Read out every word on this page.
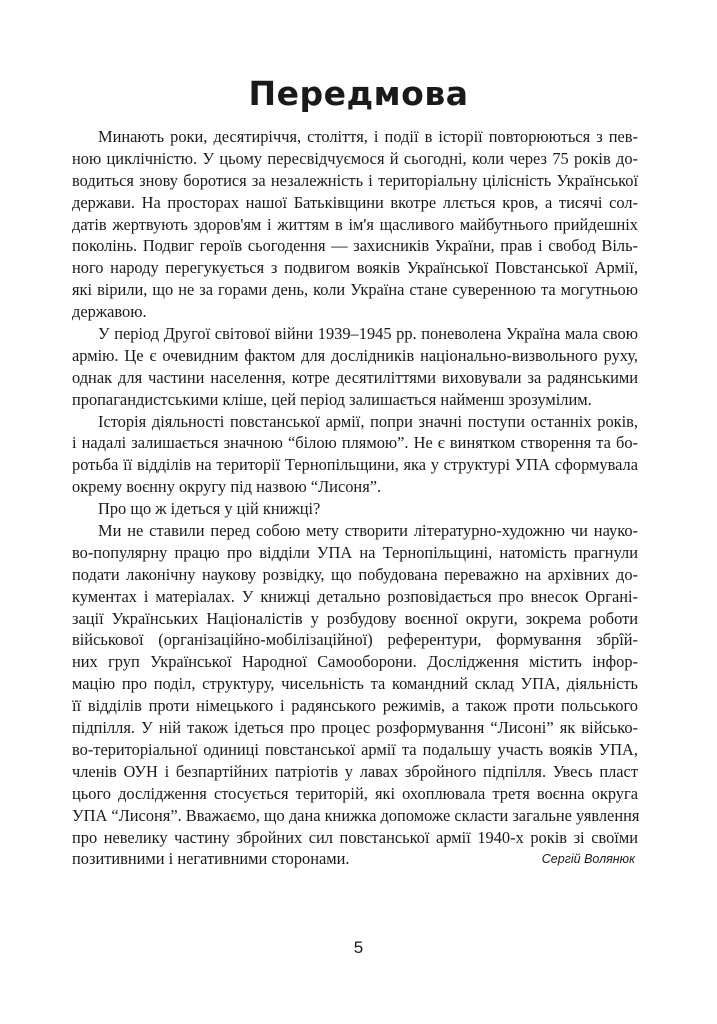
Передмова
Минають роки, десятиріччя, століття, і події в історії повторюються з пев-
ною циклічністю. У цьому пересвідчуємося й сьогодні, коли через 75 років до-
водиться знову боротися за незалежність і територіальну цілісність Української
держави. На просторах нашої Батьківщини вкотре ллється кров, а тисячі сол-
датів жертвують здоров'ям і життям в ім'я щасливого майбутнього прийдешніх
поколінь. Подвиг героїв сьогодення — захисників України, прав і свобод Віль-
ного народу перегукується з подвигом вояків Української Повстанської Армії,
які вірили, що не за горами день, коли Україна стане суверенною та могутньою
державою.
У період Другої світової війни 1939–1945 рр. поневолена Україна мала свою
армію. Це є очевидним фактом для дослідників національно-визвольного руху,
однак для частини населення, котре десятиліттями виховували за радянськими
пропагандистськими кліше, цей період залишається найменш зрозумілим.
Історія діяльності повстанської армії, попри значні поступи останніх років,
і надалі залишається значною “білою плямою”. Не є винятком створення та бо-
ротьба її відділів на території Тернопільщини, яка у структурі УПА сформувала
окрему воєнну округу під назвою “Лисоня”.
Про що ж ідеться у цій книжці?
Ми не ставили перед собою мету створити літературно-художню чи науко-
во-популярну працю про відділи УПА на Тернопільщині, натомість прагнули
подати лаконічну наукову розвідку, що побудована переважно на архівних до-
кументах і матеріалах. У книжці детально розповідається про внесок Органі-
зації Українських Націоналістів у розбудову воєнної округи, зокрема роботи
військової (організаційно-мобілізаційної) референтури, формування збрîй-
них груп Української Народної Самооборони. Дослідження містить інфор-
мацію про поділ, структуру, чисельність та командний склад УПА, діяльність
її відділів проти німецького і радянського режимів, а також проти польського
підпілля. У ній також ідеться про процес розформування “Лисоні” як військо-
во-територіальної одиниці повстанської армії та подальшу участь вояків УПА,
членів ОУН і безпартійних патріотів у лавах збройного підпілля. Увесь пласт
цього дослідження стосується територій, які охоплювала третя воєнна округа
УПА “Лисоня”. Вважаємо, що дана книжка допоможе скласти загальне уявлення
про невелику частину збройних сил повстанської армії 1940-х років зі своїми
позитивними і негативними сторонами.	Сергій Волянюк
5
